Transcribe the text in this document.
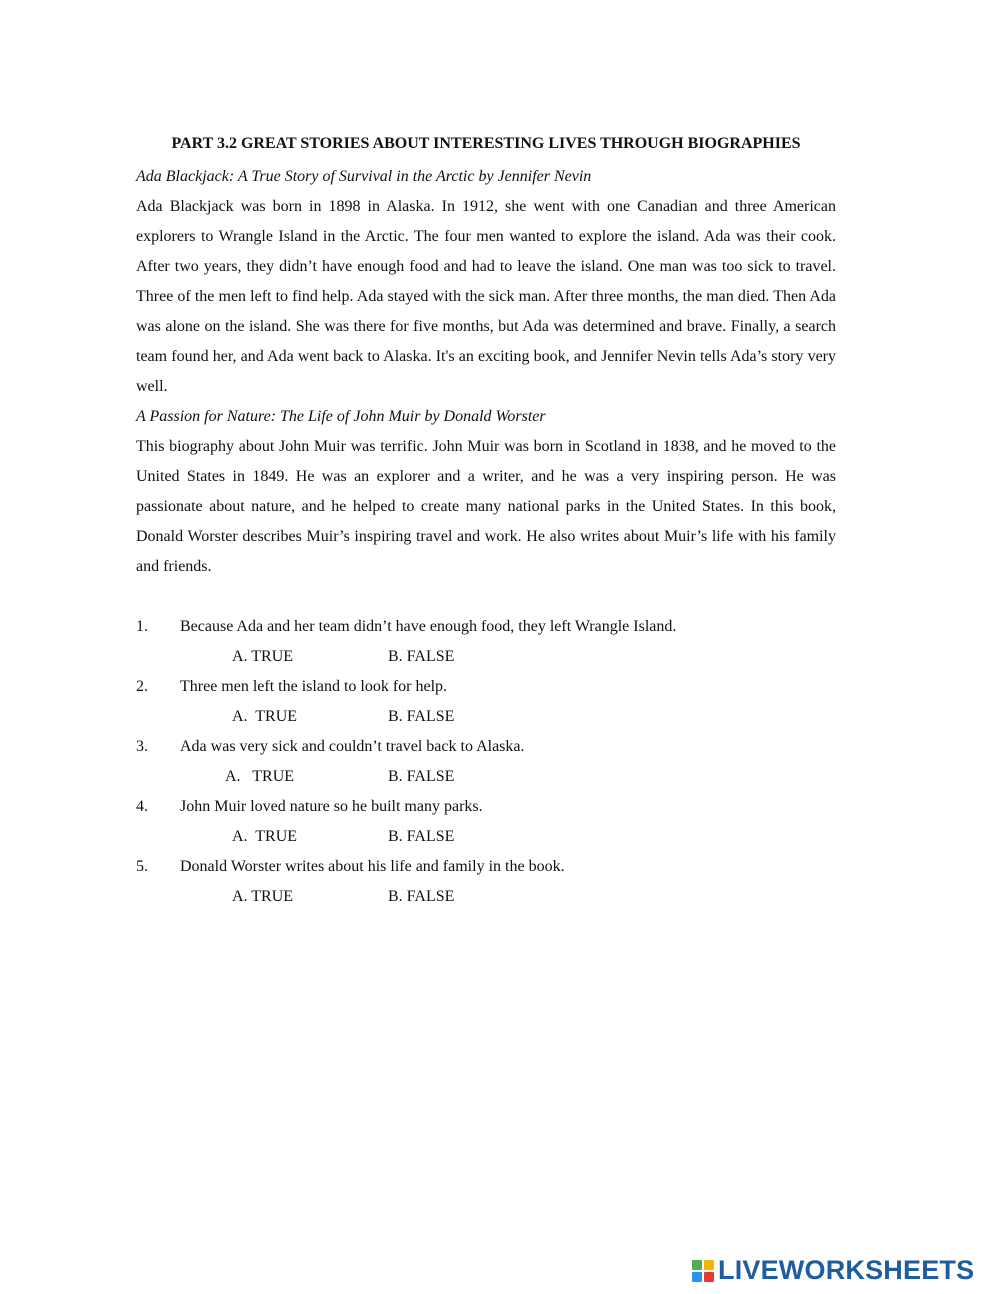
PART 3.2 GREAT STORIES ABOUT INTERESTING LIVES THROUGH BIOGRAPHIES

Ada Blackjack: A True Story of Survival in the Arctic by Jennifer Nevin

Ada Blackjack was born in 1898 in Alaska. In 1912, she went with one Canadian and three American explorers to Wrangle Island in the Arctic. The four men wanted to explore the island. Ada was their cook. After two years, they didn’t have enough food and had to leave the island. One man was too sick to travel. Three of the men left to find help. Ada stayed with the sick man. After three months, the man died. Then Ada was alone on the island. She was there for five months, but Ada was determined and brave. Finally, a search team found her, and Ada went back to Alaska. It's an exciting book, and Jennifer Nevin tells Ada’s story very well.

A Passion for Nature: The Life of John Muir by Donald Worster

This biography about John Muir was terrific. John Muir was born in Scotland in 1838, and he moved to the United States in 1849. He was an explorer and a writer, and he was a very inspiring person. He was passionate about nature, and he helped to create many national parks in the United States. In this book, Donald Worster describes Muir’s inspiring travel and work. He also writes about Muir’s life with his family and friends.

1.	Because Ada and her team didn’t have enough food, they left Wrangle Island.
A. TRUE	B. FALSE
2.	Three men left the island to look for help.
A.  TRUE	B. FALSE
3.	Ada was very sick and couldn’t travel back to Alaska.
A.   TRUE	B. FALSE
4.	John Muir loved nature so he built many parks.
A.  TRUE	B. FALSE
5.	Donald Worster writes about his life and family in the book.
A. TRUE	B. FALSE
LIVEWORKSHEETS
